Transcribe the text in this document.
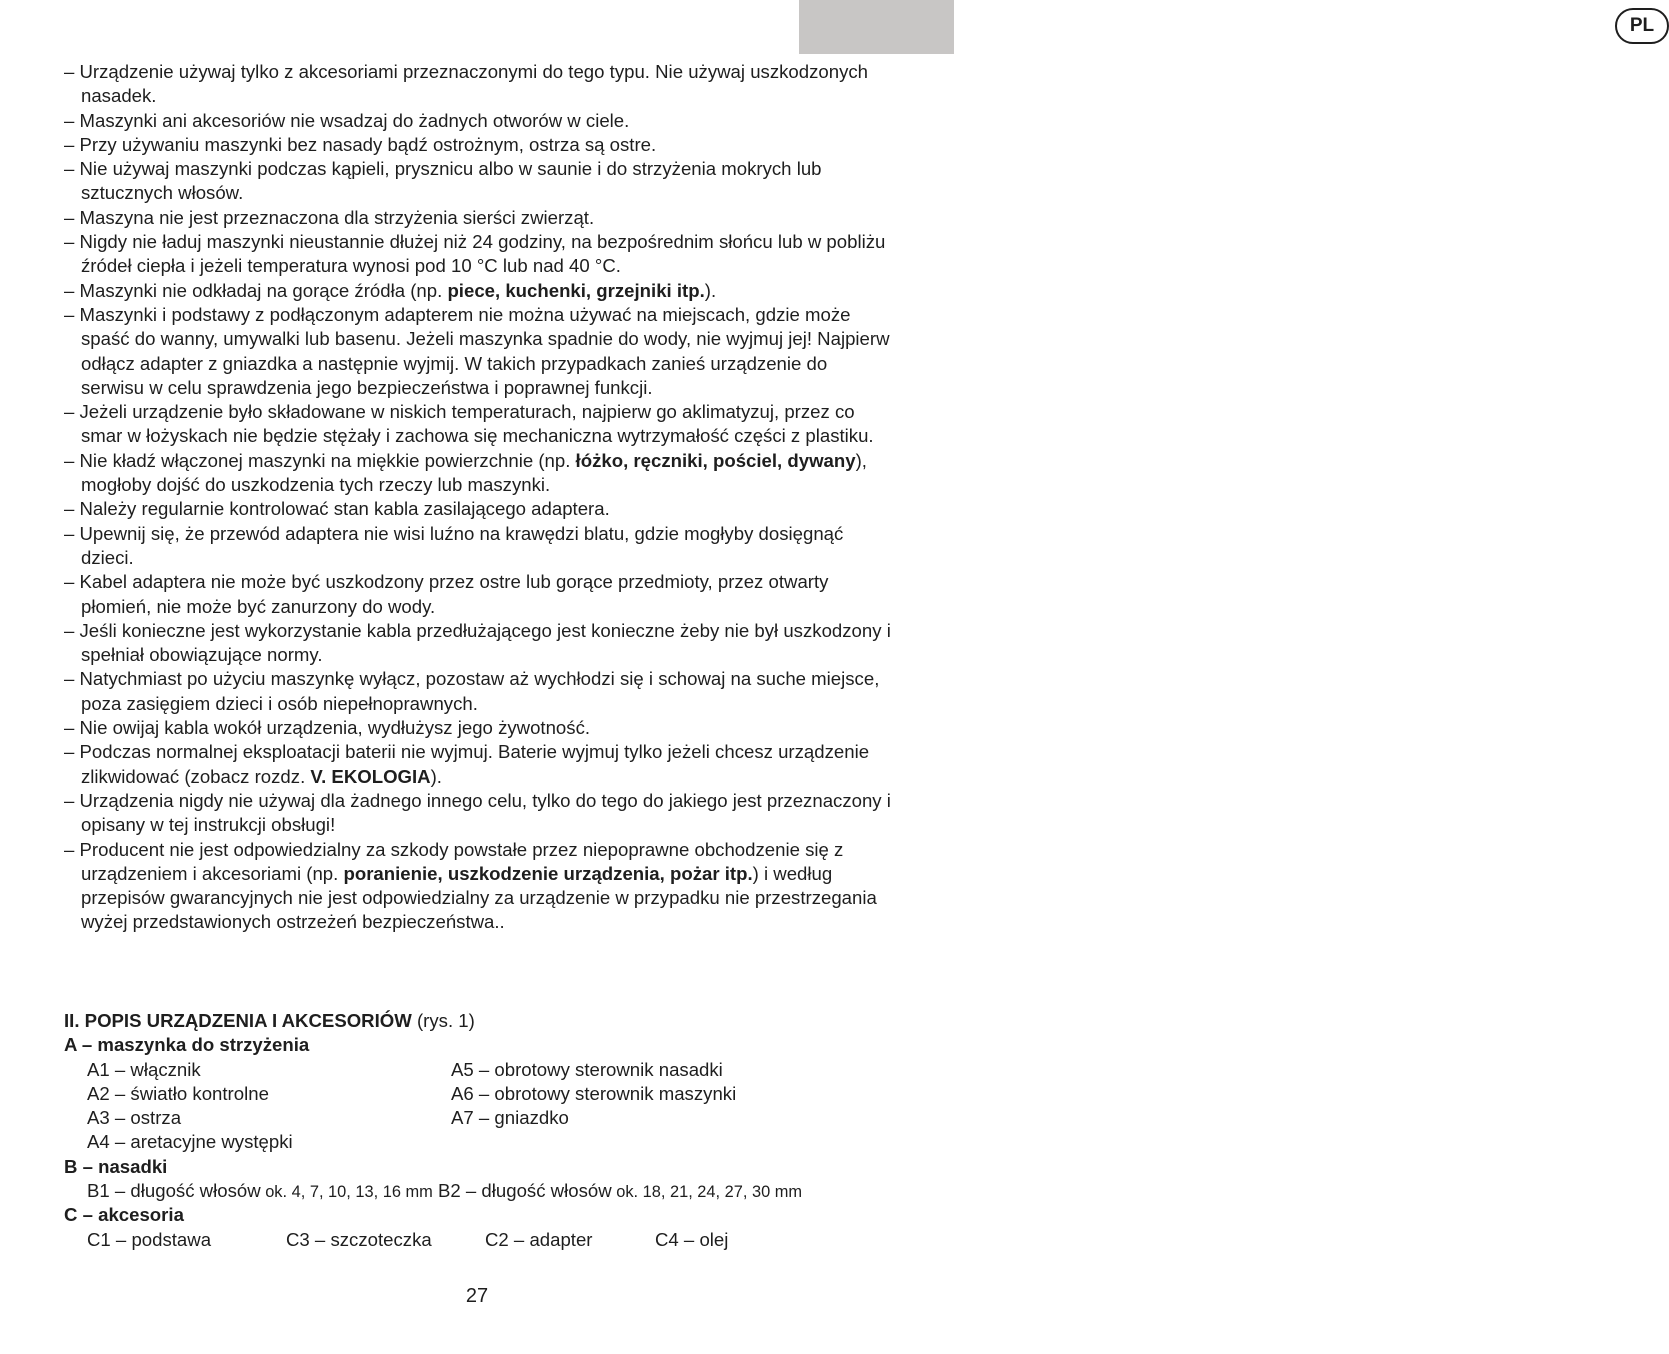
PL
– Urządzenie używaj tylko z akcesoriami przeznaczonymi do tego typu. Nie używaj uszkodzonych nasadek.
– Maszynki ani akcesoriów nie wsadzaj do żadnych otworów w ciele.
– Przy używaniu maszynki bez nasady bądź ostrożnym, ostrza są ostre.
– Nie używaj maszynki podczas kąpieli, prysznicu albo w saunie i do strzyżenia mokrych lub sztucznych włosów.
– Maszyna nie jest przeznaczona dla strzyżenia sierści zwierząt.
– Nigdy nie ładuj maszynki nieustannie dłużej niż 24 godziny, na bezpośrednim słońcu lub w pobliżu źródeł ciepła i jeżeli temperatura wynosi pod 10 °C lub nad 40 °C.
– Maszynki nie odkładaj na gorące źródła (np. piece, kuchenki, grzejniki itp.).
– Maszynki i podstawy z podłączonym adapterem nie można używać na miejscach, gdzie może spaść do wanny, umywalki lub basenu. Jeżeli maszynka spadnie do wody, nie wyjmuj jej! Najpierw odłącz adapter z gniazdka a następnie wyjmij. W takich przypadkach zanieś urządzenie do serwisu w celu sprawdzenia jego bezpieczeństwa i poprawnej funkcji.
– Jeżeli urządzenie było składowane w niskich temperaturach, najpierw go aklimatyzuj, przez co smar w łożyskach nie będzie stężały i zachowa się mechaniczna wytrzymałość części z plastiku.
– Nie kładź włączonej maszynki na miękkie powierzchnie (np. łóżko, ręczniki, pościel, dywany), mogłoby dojść do uszkodzenia tych rzeczy lub maszynki.
– Należy regularnie kontrolować stan kabla zasilającego adaptera.
– Upewnij się, że przewód adaptera nie wisi luźno na krawędzi blatu, gdzie mogłyby dosięgnąć dzieci.
– Kabel adaptera nie może być uszkodzony przez ostre lub gorące przedmioty, przez otwarty płomień, nie może być zanurzony do wody.
– Jeśli konieczne jest wykorzystanie kabla przedłużającego jest konieczne żeby nie był uszkodzony i spełniał obowiązujące normy.
– Natychmiast po użyciu maszynkę wyłącz, pozostaw aż wychłodzi się i schowaj na suche miejsce, poza zasięgiem dzieci i osób niepełnoprawnych.
– Nie owijaj kabla wokół urządzenia, wydłużysz jego żywotność.
– Podczas normalnej eksploatacji baterii nie wyjmuj. Baterie wyjmuj tylko jeżeli chcesz urządzenie zlikwidować (zobacz rozdz. V. EKOLOGIA).
– Urządzenia nigdy nie używaj dla żadnego innego celu, tylko do tego do jakiego jest przeznaczony i opisany w tej instrukcji obsługi!
– Producent nie jest odpowiedzialny za szkody powstałe przez niepoprawne obchodzenie się z urządzeniem i akcesoriami (np. poranienie, uszkodzenie urządzenia, pożar itp.) i według przepisów gwarancyjnych nie jest odpowiedzialny za urządzenie w przypadku nie przestrzegania wyżej przedstawionych ostrzeżeń bezpieczeństwa..
II. POPIS URZĄDZENIA I AKCESORIÓW (rys. 1)
A – maszynka do strzyżenia
A1 – włącznik	A5 – obrotowy sterownik nasadki
A2 – światło kontrolne	A6 – obrotowy sterownik maszynki
A3 – ostrza	A7 – gniazdko
A4 – aretacyjne występki
B – nasadki
B1 – długość włosów ok. 4, 7, 10, 13, 16 mm B2 – długość włosów ok. 18, 21, 24, 27, 30 mm
C – akcesoria
C1 – podstawa	C3 – szczoteczka	C2 – adapter	C4 – olej
27
